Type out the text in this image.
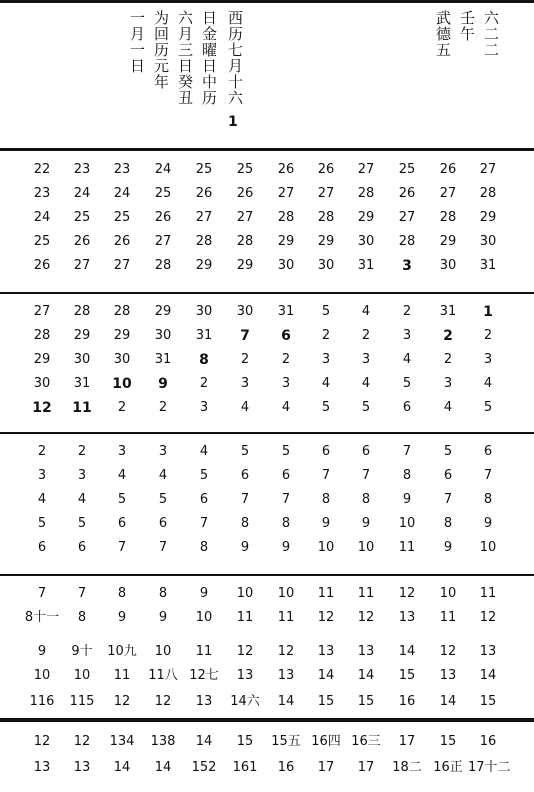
一月一日 为回历元年 六月三日癸丑 日金曜日中历 西历七月十六
1
武德五 壬午 六二二
22	23	23	24	25	25	26	26	27	25	26	27
23	24	24	25	26	26	27	27	28	26	27	28
24	25	25	26	27	27	28	28	29	27	28	29
25	26	26	27	28	28	29	29	30	28	29	30
26	27	27	28	29	29	30	30	31	3	30	31
27	28	28	29	30	30	31	5	4	2	31	1
28	29	29	30	31	7	6	2	2	3	2	2
29	30	30	31	8	2	2	3	3	4	2	3
30	31	10	9	2	3	3	4	4	5	3	4
12	11	2	2	3	4	4	5	5	6	4	5
2	2	3	3	4	5	5	6	6	7	5	6
3	3	4	4	5	6	6	7	7	8	6	7
4	4	5	5	6	7	7	8	8	9	7	8
5	5	6	6	7	8	8	9	9	10	8	9
6	6	7	7	8	9	9	10	10	11	9	10
7	7	8	8	9	10	10	11	11	12	10	11
8十一	8	9	9	10	11	11	12	12	13	11	12
9	9十	10九	10	11	12	12	13	13	14	12	13
10	10	11	11八 12七	13	13	14	14	15	13	14
116	115	12	12	13	14六	14	15	15	16	14	15
12	12	134	138	14	15	15五 16四 16三	17	15	16
13	13	14	14	152	161	16	17	17	18二 16正 17十二
